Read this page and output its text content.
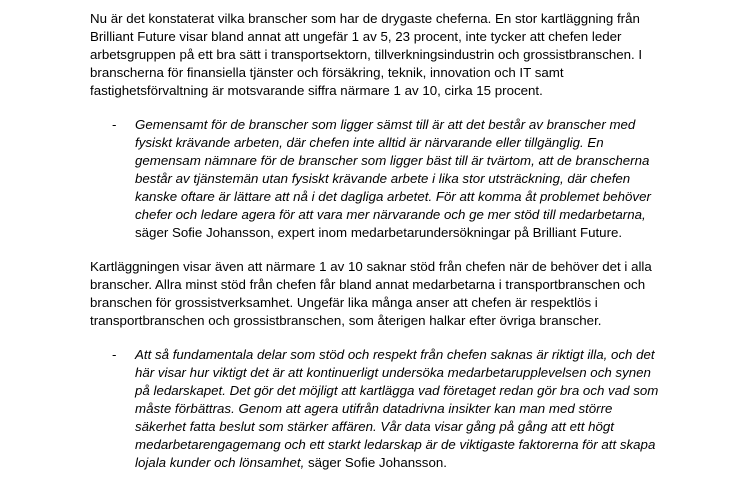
Nu är det konstaterat vilka branscher som har de drygaste cheferna. En stor kartläggning från Brilliant Future visar bland annat att ungefär 1 av 5, 23 procent, inte tycker att chefen leder arbetsgruppen på ett bra sätt i transportsektorn, tillverkningsindustrin och grossistbranschen. I branscherna för finansiella tjänster och försäkring, teknik, innovation och IT samt fastighetsförvaltning är motsvarande siffra närmare 1 av 10, cirka 15 procent.

- Gemensamt för de branscher som ligger sämst till är att det består av branscher med fysiskt krävande arbeten, där chefen inte alltid är närvarande eller tillgänglig. En gemensam nämnare för de branscher som ligger bäst till är tvärtom, att de branscherna består av tjänstemän utan fysiskt krävande arbete i lika stor utsträckning, där chefen kanske oftare är lättare att nå i det dagliga arbetet. För att komma åt problemet behöver chefer och ledare agera för att vara mer närvarande och ge mer stöd till medarbetarna, säger Sofie Johansson, expert inom medarbetarundersökningar på Brilliant Future.

Kartläggningen visar även att närmare 1 av 10 saknar stöd från chefen när de behöver det i alla branscher. Allra minst stöd från chefen får bland annat medarbetarna i transportbranschen och branschen för grossistverksamhet. Ungefär lika många anser att chefen är respektlös i transportbranschen och grossistbranschen, som återigen halkar efter övriga branscher.

- Att så fundamentala delar som stöd och respekt från chefen saknas är riktigt illa, och det här visar hur viktigt det är att kontinuerligt undersöka medarbetarupplevelsen och synen på ledarskapet. Det gör det möjligt att kartlägga vad företaget redan gör bra och vad som måste förbättras. Genom att agera utifrån datadrivna insikter kan man med större säkerhet fatta beslut som stärker affären. Vår data visar gång på gång att ett högt medarbetarengagemang och ett starkt ledarskap är de viktigaste faktorerna för att skapa lojala kunder och lönsamhet, säger Sofie Johansson.
